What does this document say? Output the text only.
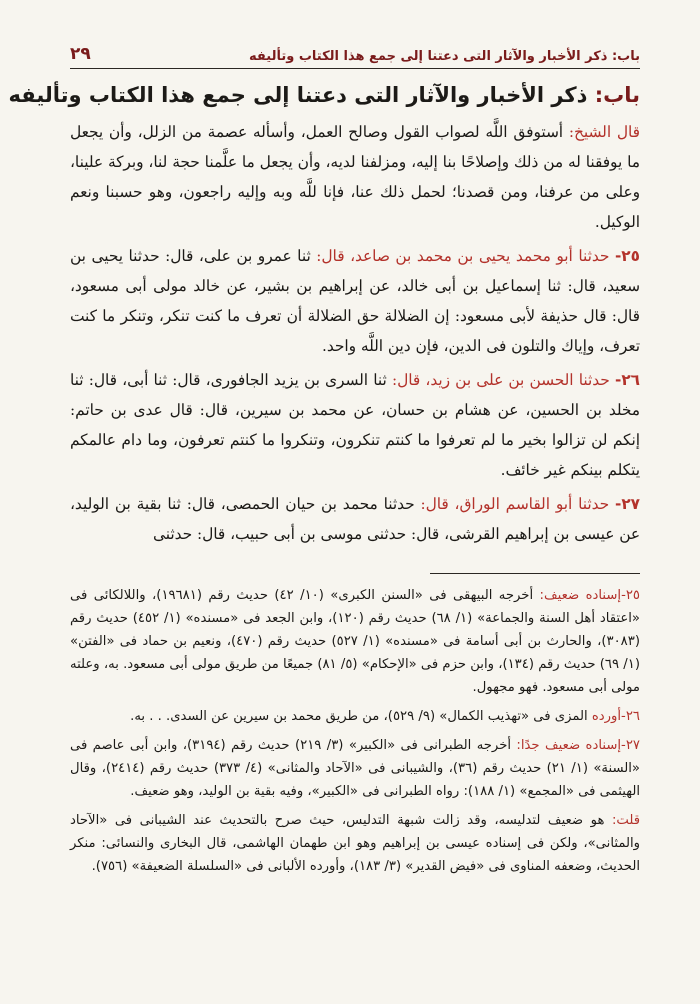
باب: ذكر الأخبار والآثار التى دعتنا إلى جمع هذا الكتاب وتأليفه
٢٩
باب: ذكر الأخبار والآثار التى دعتنا إلى جمع هذا الكتاب وتأليفه

قال الشيخ: أستوفق اللَّه لصواب القول وصالح العمل، وأسأله عصمة من الزلل، وأن يجعل ما يوفقنا له من ذلك وإصلاحًا بنا إليه، ومزلفنا لديه، وأن يجعل ما علَّمنا حجة لنا، وبركة علينا، وعلى من عرفنا، ومن قصدنا؛ لحمل ذلك عنا، فإنا للَّه وبه وإليه راجعون، وهو حسبنا ونعم الوكيل.

٢٥- حدثنا أبو محمد يحيى بن محمد بن صاعد، قال: ثنا عمرو بن على، قال: حدثنا يحيى بن سعيد، قال: ثنا إسماعيل بن أبى خالد، عن إبراهيم بن بشير، عن خالد مولى أبى مسعود، قال: قال حذيفة لأبى مسعود: إن الضلالة حق الضلالة أن تعرف ما كنت تنكر، وتنكر ما كنت تعرف، وإياك والتلون فى الدين، فإن دين اللَّه واحد.

٢٦- حدثنا الحسن بن على بن زيد، قال: ثنا السرى بن يزيد الجافورى، قال: ثنا أبى، قال: ثنا مخلد بن الحسين، عن هشام بن حسان، عن محمد بن سيرين، قال: قال عدى بن حاتم: إنكم لن تزالوا بخير ما لم تعرفوا ما كنتم تنكرون، وتنكروا ما كنتم تعرفون، وما دام عالمكم يتكلم بينكم غير خائف.

٢٧- حدثنا أبو القاسم الوراق، قال: حدثنا محمد بن حيان الحمصى، قال: ثنا بقية بن الوليد، عن عيسى بن إبراهيم القرشى، قال: حدثنى موسى بن أبى حبيب، قال: حدثنى

٢٥-إسناده ضعيف: أخرجه البيهقى فى «السنن الكبرى» (١٠/ ٤٢) حديث رقم (١٩٦٨١)، واللالكائى فى «اعتقاد أهل السنة والجماعة» (١/ ٦٨) حديث رقم (١٢٠)، وابن الجعد فى «مسنده» (١/ ٤٥٢) حديث رقم (٣٠٨٣)، والحارث بن أبى أسامة فى «مسنده» (١/ ٥٢٧) حديث رقم (٤٧٠)، ونعيم بن حماد فى «الفتن» (١/ ٦٩) حديث رقم (١٣٤)، وابن حزم فى «الإحكام» (٥/ ٨١) جميعًا من طريق مولى أبى مسعود. به، وعلته مولى أبى مسعود. فهو مجهول.

٢٦-أورده المزى فى «تهذيب الكمال» (٩/ ٥٢٩)، من طريق محمد بن سيرين عن السدى. . . به.

٢٧-إسناده ضعيف جدًا: أخرجه الطبرانى فى «الكبير» (٣/ ٢١٩) حديث رقم (٣١٩٤)، وابن أبى عاصم فى «السنة» (١/ ٢١) حديث رقم (٣٦)، والشيبانى فى «الآحاد والمثانى» (٤/ ٣٧٣) حديث رقم (٢٤١٤)، وقال الهيثمى فى «المجمع» (١/ ١٨٨): رواه الطبرانى فى «الكبير»، وفيه بقية بن الوليد، وهو ضعيف.

قلت: هو ضعيف لتدليسه، وقد زالت شبهة التدليس، حيث صرح بالتحديث عند الشيبانى فى «الآحاد والمثانى»، ولكن فى إسناده عيسى بن إبراهيم وهو ابن طهمان الهاشمى، قال البخارى والنسائى: منكر الحديث، وضعفه المناوى فى «فيض القدير» (٣/ ١٨٣)، وأورده الألبانى فى «السلسلة الضعيفة» (٧٥٦).
